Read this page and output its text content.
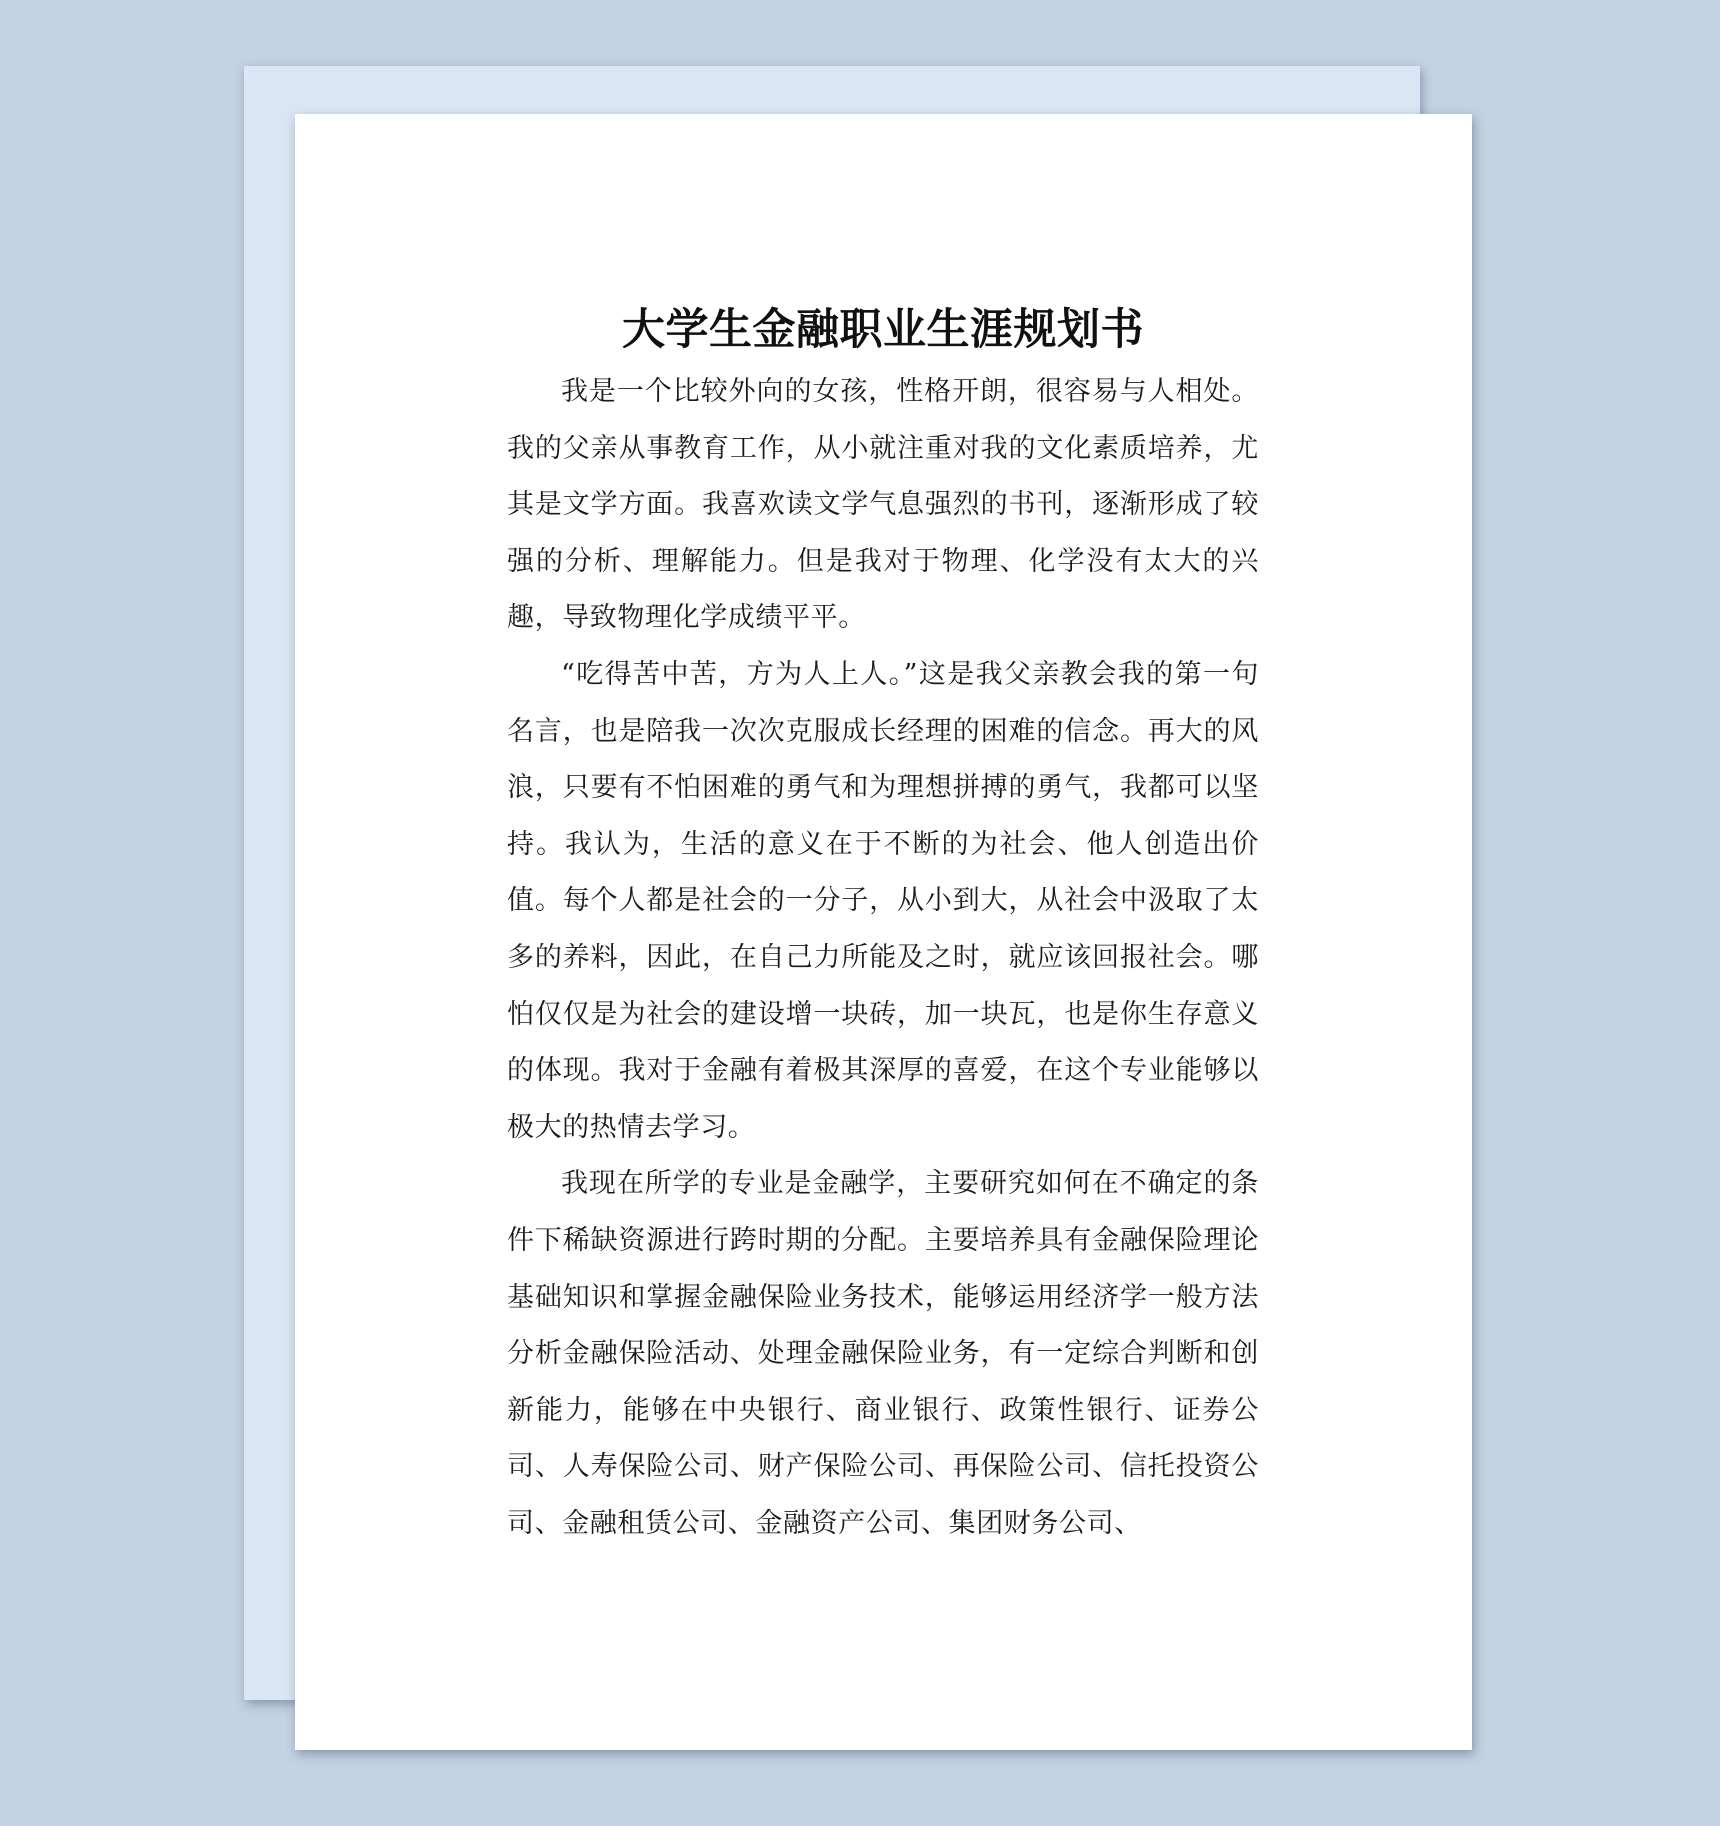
大学生金融职业生涯规划书

我是一个比较外向的女孩，性格开朗，很容易与人相处。我的父亲从事教育工作，从小就注重对我的文化素质培养，尤其是文学方面。我喜欢读文学气息强烈的书刊，逐渐形成了较强的分析、理解能力。但是我对于物理、化学没有太大的兴趣，导致物理化学成绩平平。

“吃得苦中苦，方为人上人。”这是我父亲教会我的第一句名言，也是陪我一次次克服成长经理的困难的信念。再大的风浪，只要有不怕困难的勇气和为理想拼搏的勇气，我都可以坚持。我认为，生活的意义在于不断的为社会、他人创造出价值。每个人都是社会的一分子，从小到大，从社会中汲取了太多的养料，因此，在自己力所能及之时，就应该回报社会。哪怕仅仅是为社会的建设增一块砖，加一块瓦，也是你生存意义的体现。我对于金融有着极其深厚的喜爱，在这个专业能够以极大的热情去学习。

我现在所学的专业是金融学，主要研究如何在不确定的条件下稀缺资源进行跨时期的分配。主要培养具有金融保险理论基础知识和掌握金融保险业务技术，能够运用经济学一般方法分析金融保险活动、处理金融保险业务，有一定综合判断和创新能力，能够在中央银行、商业银行、政策性银行、证券公司、人寿保险公司、财产保险公司、再保险公司、信托投资公司、金融租赁公司、金融资产公司、集团财务公司、
